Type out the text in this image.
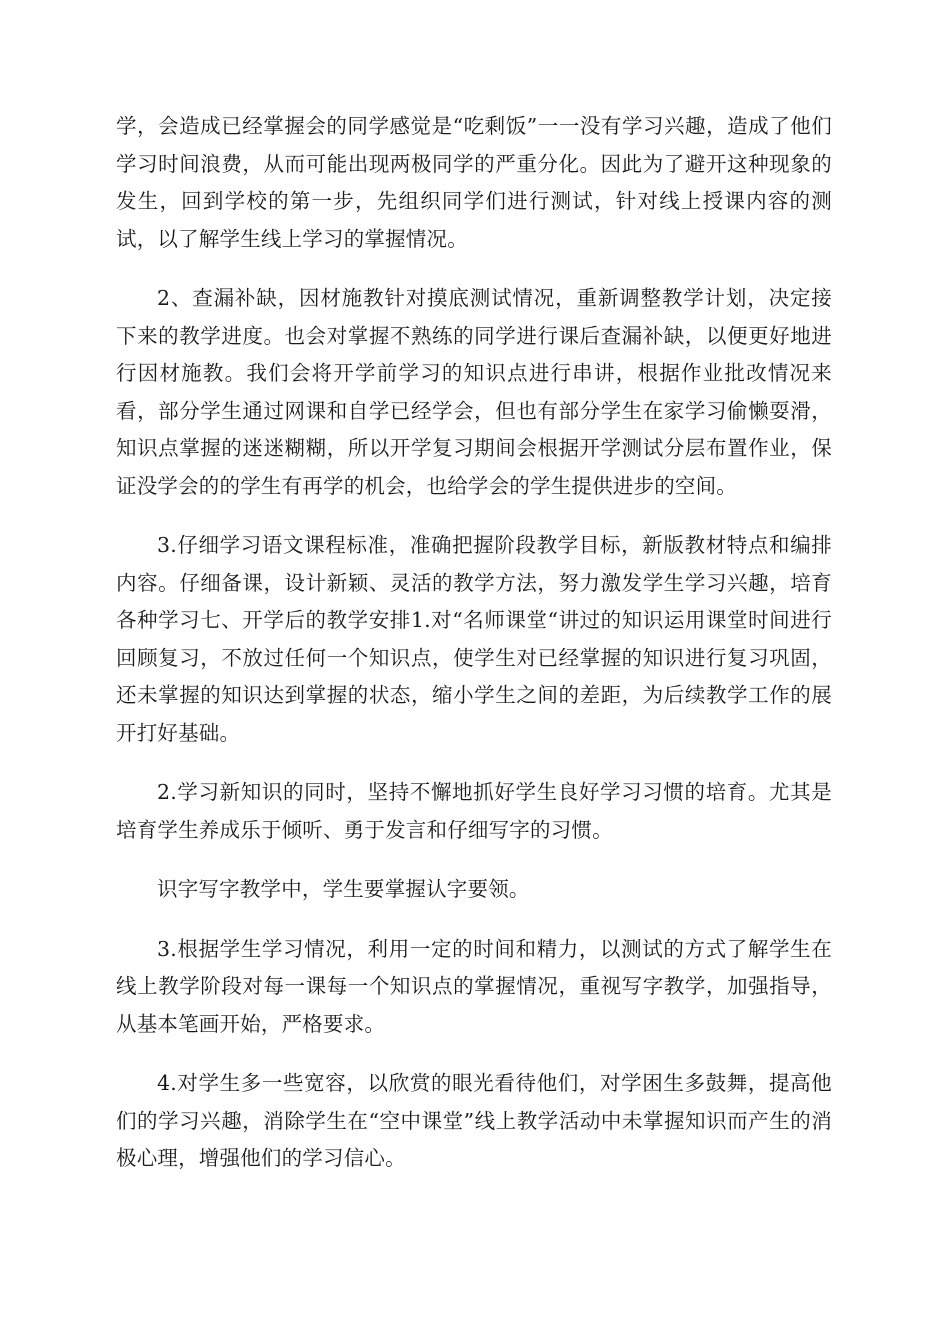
学，会造成已经掌握会的同学感觉是“吃剩饭”一一没有学习兴趣，造成了他们学习时间浪费，从而可能出现两极同学的严重分化。因此为了避开这种现象的发生，回到学校的第一步，先组织同学们进行测试，针对线上授课内容的测试，以了解学生线上学习的掌握情况。

2、查漏补缺，因材施教针对摸底测试情况，重新调整教学计划，决定接下来的教学进度。也会对掌握不熟练的同学进行课后查漏补缺，以便更好地进行因材施教。我们会将开学前学习的知识点进行串讲，根据作业批改情况来看，部分学生通过网课和自学已经学会，但也有部分学生在家学习偷懒耍滑，知识点掌握的迷迷糊糊，所以开学复习期间会根据开学测试分层布置作业，保证没学会的的学生有再学的机会，也给学会的学生提供进步的空间。

3.仔细学习语文课程标准，准确把握阶段教学目标，新版教材特点和编排内容。仔细备课，设计新颖、灵活的教学方法，努力激发学生学习兴趣，培育各种学习七、开学后的教学安排1.对“名师课堂“讲过的知识运用课堂时间进行回顾复习，不放过任何一个知识点，使学生对已经掌握的知识进行复习巩固，还未掌握的知识达到掌握的状态，缩小学生之间的差距，为后续教学工作的展开打好基础。

2.学习新知识的同时，坚持不懈地抓好学生良好学习习惯的培育。尤其是培育学生养成乐于倾听、勇于发言和仔细写字的习惯。

识字写字教学中，学生要掌握认字要领。

3.根据学生学习情况，利用一定的时间和精力，以测试的方式了解学生在线上教学阶段对每一课每一个知识点的掌握情况，重视写字教学，加强指导，从基本笔画开始，严格要求。

4.对学生多一些宽容，以欣赏的眼光看待他们，对学困生多鼓舞，提高他们的学习兴趣，消除学生在“空中课堂”线上教学活动中未掌握知识而产生的消极心理，增强他们的学习信心。
